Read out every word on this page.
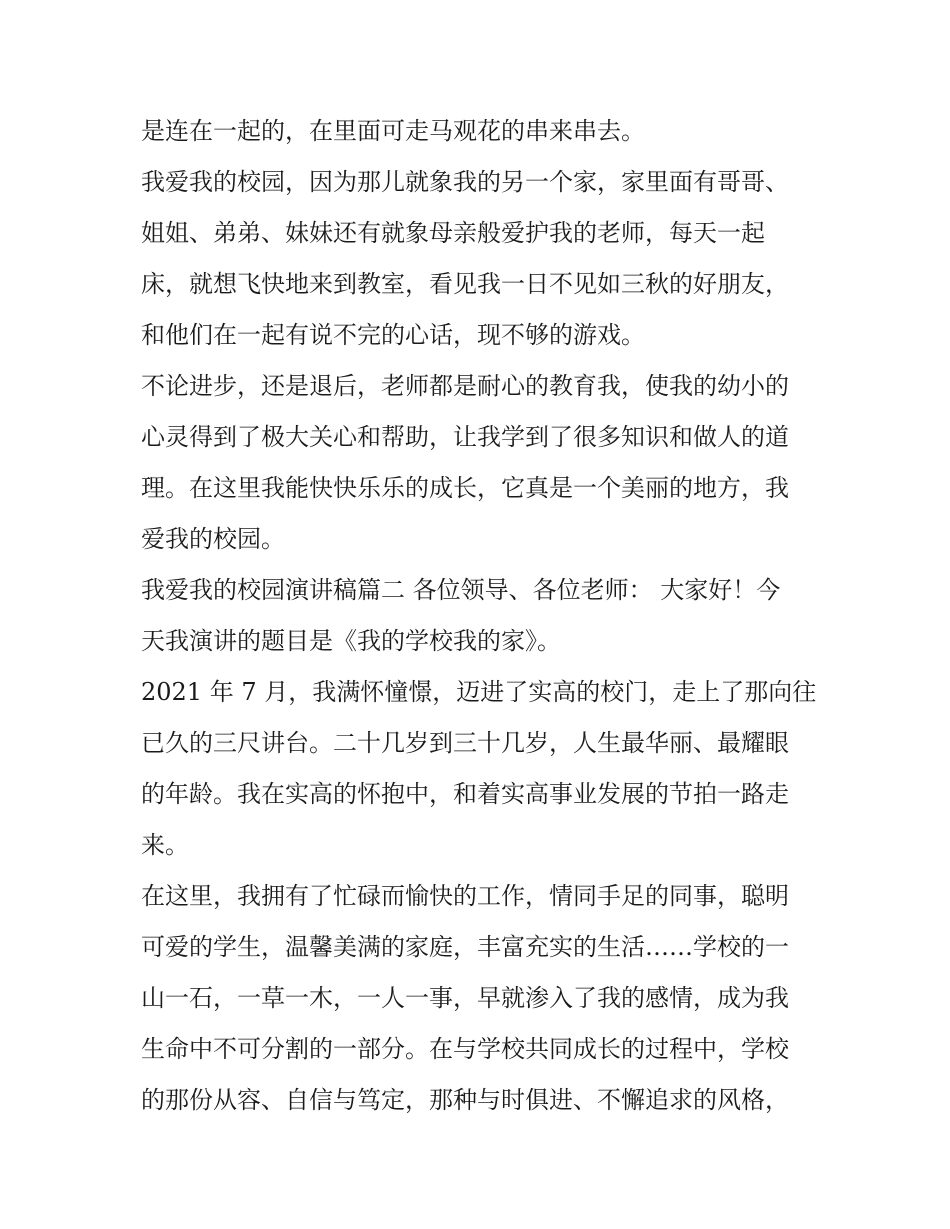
是连在一起的，在里面可走马观花的串来串去。
我爱我的校园，因为那儿就象我的另一个家，家里面有哥哥、
姐姐、弟弟、妹妹还有就象母亲般爱护我的老师，每天一起
床，就想飞快地来到教室，看见我一日不见如三秋的好朋友，
和他们在一起有说不完的心话，现不够的游戏。
不论进步，还是退后，老师都是耐心的教育我，使我的幼小的
心灵得到了极大关心和帮助，让我学到了很多知识和做人的道
理。在这里我能快快乐乐的成长，它真是一个美丽的地方，我
爱我的校园。
我爱我的校园演讲稿篇二 各位领导、各位老师： 大家好！今
天我演讲的题目是《我的学校我的家》。
2021 年 7 月，我满怀憧憬，迈进了实高的校门，走上了那向往
已久的三尺讲台。二十几岁到三十几岁，人生最华丽、最耀眼
的年龄。我在实高的怀抱中，和着实高事业发展的节拍一路走
来。
在这里，我拥有了忙碌而愉快的工作，情同手足的同事，聪明
可爱的学生，温馨美满的家庭，丰富充实的生活……学校的一
山一石，一草一木，一人一事，早就渗入了我的感情，成为我
生命中不可分割的一部分。在与学校共同成长的过程中，学校
的那份从容、自信与笃定，那种与时俱进、不懈追求的风格，
